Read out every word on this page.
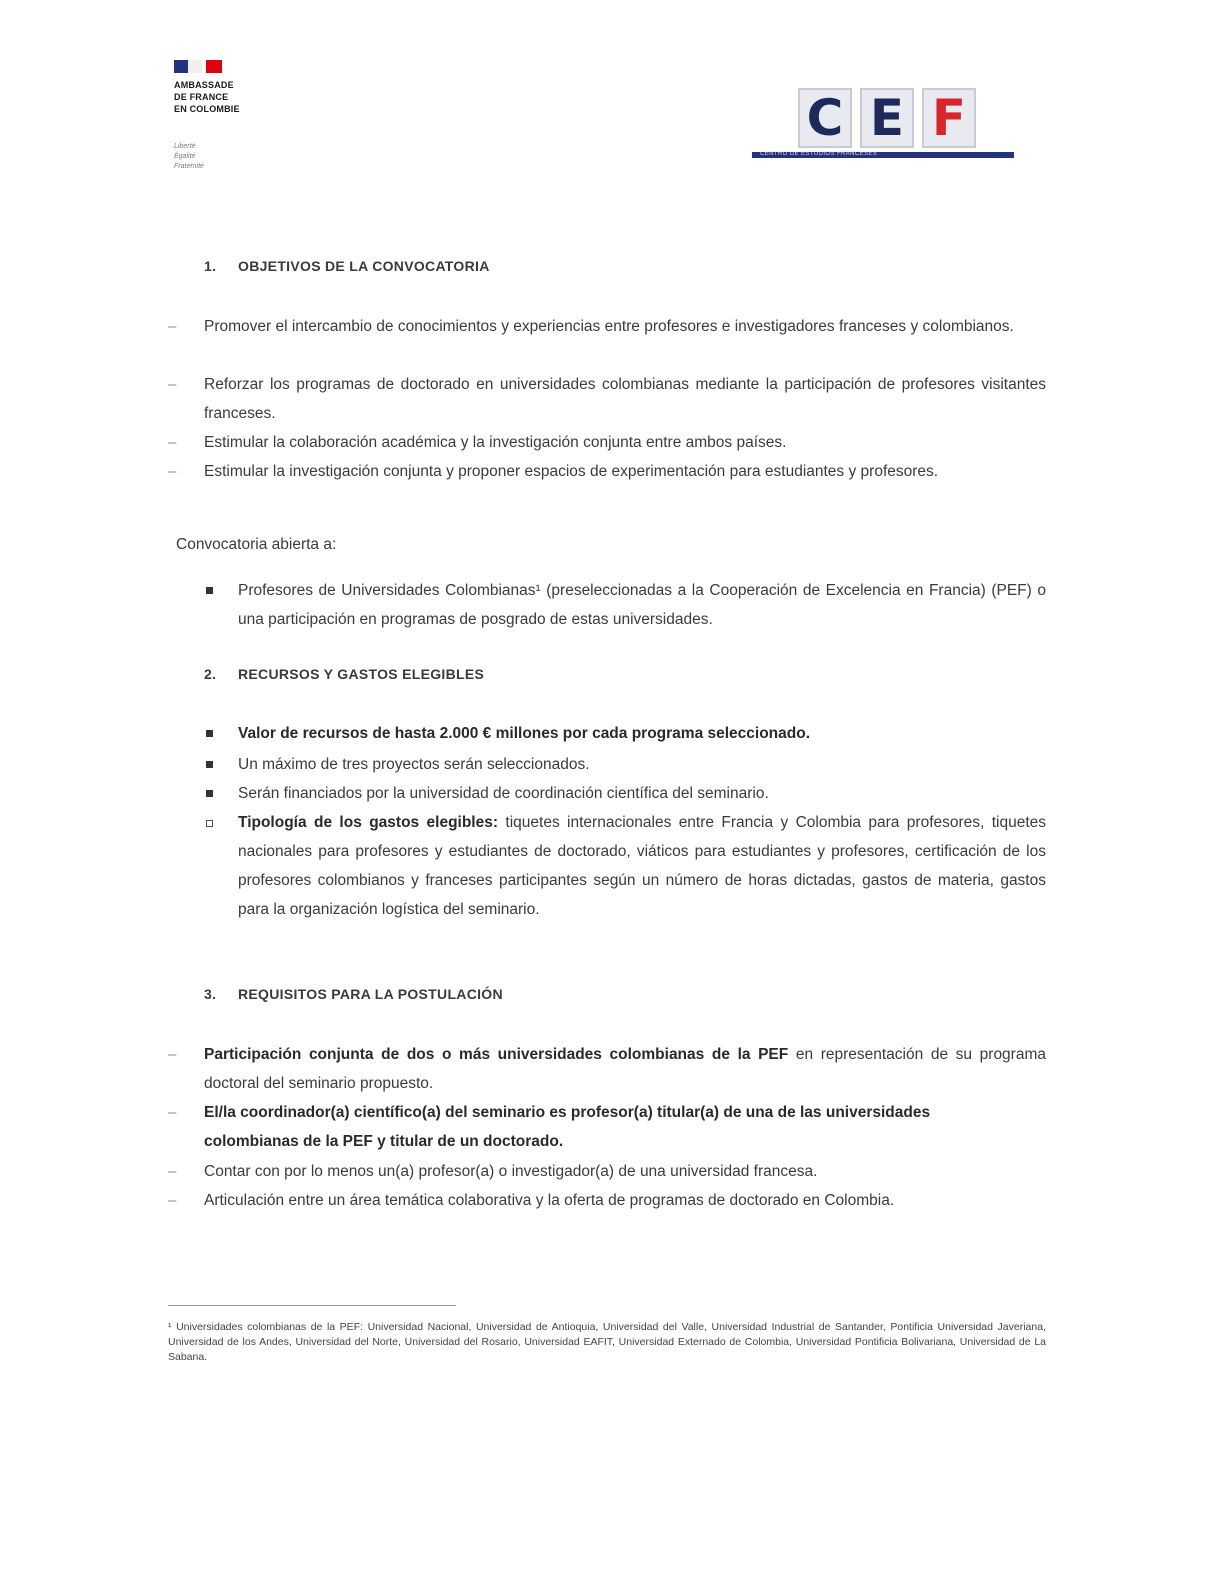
AMBASSADE
DE FRANCE
EN COLOMBIE
Liberté
Égalité
Fraternité
C E F
CENTRO DE ESTUDIOS FRANCESES
1. OBJETIVOS DE LA CONVOCATORIA
– Promover el intercambio de conocimientos y experiencias entre profesores e investigadores franceses y colombianos.
– Reforzar los programas de doctorado en universidades colombianas mediante la participación de profesores visitantes franceses.
– Estimular la colaboración académica y la investigación conjunta entre ambos países.
– Estimular la investigación conjunta y proponer espacios de experimentación para estudiantes y profesores.
Convocatoria abierta a:
Profesores de Universidades Colombianas¹ (preseleccionadas a la Cooperación de Excelencia en Francia) (PEF) o una participación en programas de posgrado de estas universidades.
2. RECURSOS Y GASTOS ELEGIBLES
Valor de recursos de hasta 2.000 € millones por cada programa seleccionado.
Un máximo de tres proyectos serán seleccionados.
Serán financiados por la universidad de coordinación científica del seminario.
Tipología de los gastos elegibles: tiquetes internacionales entre Francia y Colombia para profesores, tiquetes nacionales para profesores y estudiantes de doctorado, viáticos para estudiantes y profesores, certificación de los profesores colombianos y franceses participantes según un número de horas dictadas, gastos de materia, gastos para la organización logística del seminario.
3. REQUISITOS PARA LA POSTULACIÓN
– Participación conjunta de dos o más universidades colombianas de la PEF en representación de su programa doctoral del seminario propuesto.
– El/la coordinador(a) científico(a) del seminario es profesor(a) titular(a) de una de las universidades colombianas de la PEF y titular de un doctorado.
– Contar con por lo menos un(a) profesor(a) o investigador(a) de una universidad francesa.
– Articulación entre un área temática colaborativa y la oferta de programas de doctorado en Colombia.
¹ Universidades colombianas de la PEF: Universidad Nacional, Universidad de Antioquia, Universidad del Valle, Universidad Industrial de Santander, Pontificia Universidad Javeriana, Universidad de los Andes, Universidad del Norte, Universidad del Rosario, Universidad EAFIT, Universidad Externado de Colombia, Universidad Pontificia Bolivariana, Universidad de La Sabana.
